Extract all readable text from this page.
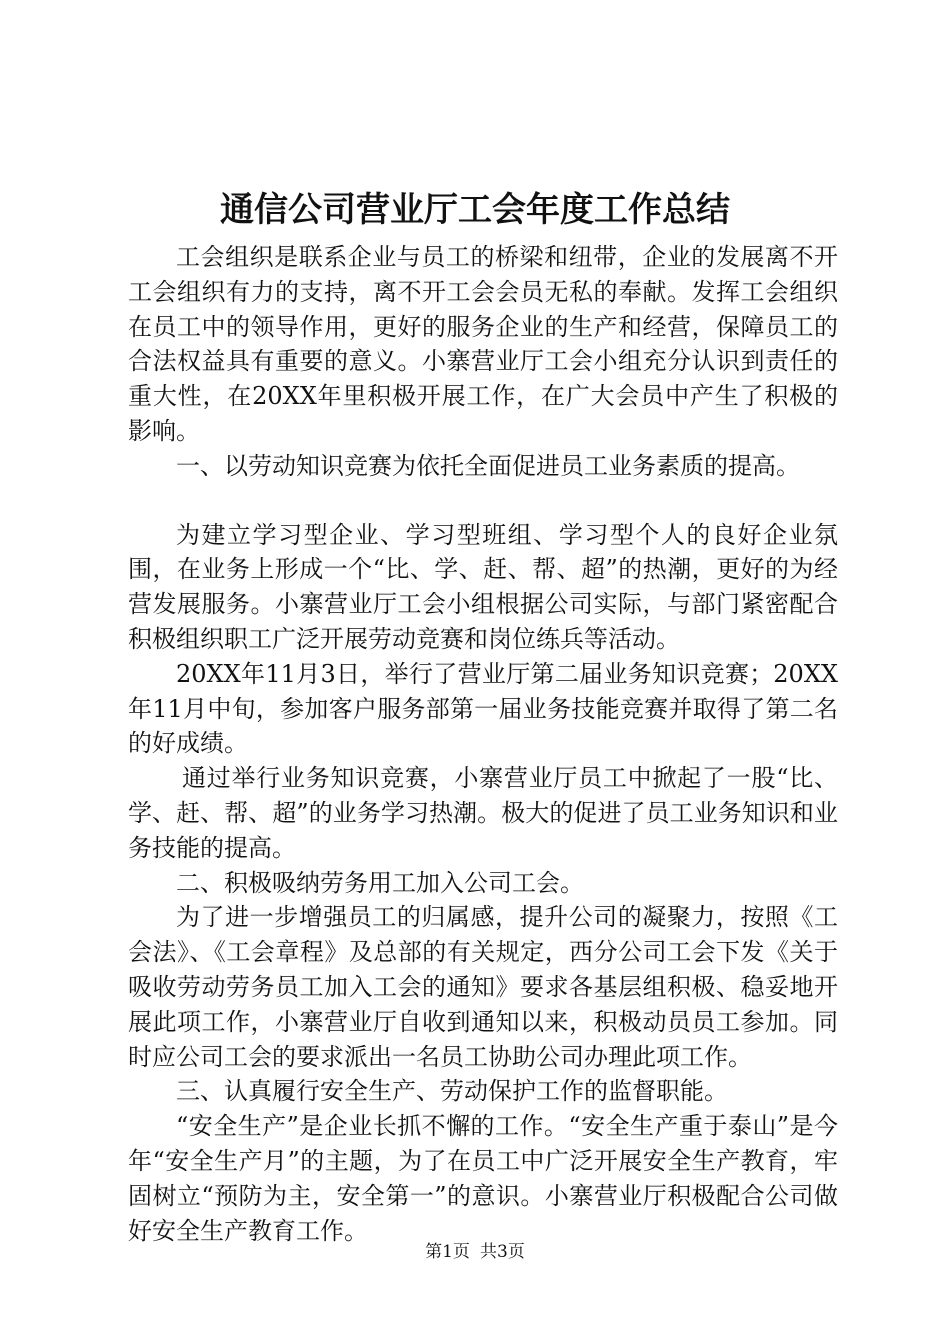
通信公司营业厅工会年度工作总结

工会组织是联系企业与员工的桥梁和纽带，企业的发展离不开工会组织有力的支持，离不开工会会员无私的奉献。发挥工会组织在员工中的领导作用，更好的服务企业的生产和经营，保障员工的合法权益具有重要的意义。小寨营业厅工会小组充分认识到责任的重大性，在20XX年里积极开展工作，在广大会员中产生了积极的影响。

一、以劳动知识竞赛为依托全面促进员工业务素质的提高。

为建立学习型企业、学习型班组、学习型个人的良好企业氛围，在业务上形成一个“比、学、赶、帮、超”的热潮，更好的为经营发展服务。小寨营业厅工会小组根据公司实际，与部门紧密配合积极组织职工广泛开展劳动竞赛和岗位练兵等活动。

20XX年11月3日，举行了营业厅第二届业务知识竞赛；20XX年11月中旬，参加客户服务部第一届业务技能竞赛并取得了第二名的好成绩。

通过举行业务知识竞赛，小寨营业厅员工中掀起了一股“比、学、赶、帮、超”的业务学习热潮。极大的促进了员工业务知识和业务技能的提高。

二、积极吸纳劳务用工加入公司工会。

为了进一步增强员工的归属感，提升公司的凝聚力，按照《工会法》、《工会章程》及总部的有关规定，西分公司工会下发《关于吸收劳动劳务员工加入工会的通知》要求各基层组积极、稳妥地开展此项工作，小寨营业厅自收到通知以来，积极动员员工参加。同时应公司工会的要求派出一名员工协助公司办理此项工作。

三、认真履行安全生产、劳动保护工作的监督职能。

“安全生产”是企业长抓不懈的工作。“安全生产重于泰山”是今年“安全生产月”的主题，为了在员工中广泛开展安全生产教育，牢固树立“预防为主，安全第一”的意识。小寨营业厅积极配合公司做好安全生产教育工作。

第1页 共3页
